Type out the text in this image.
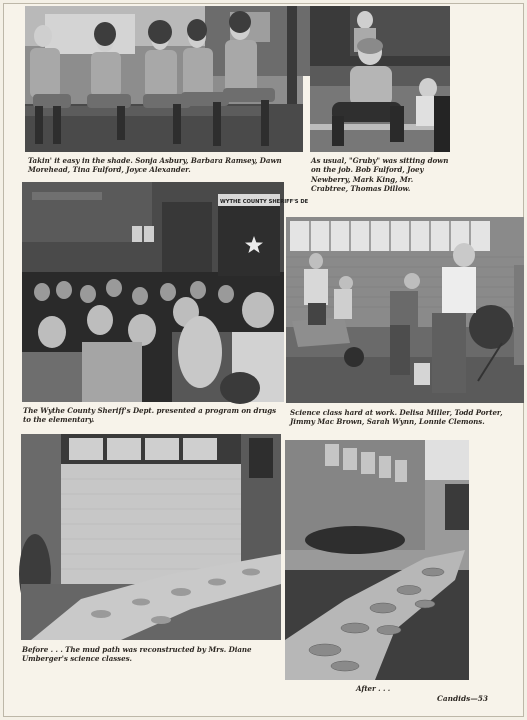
Takin' it easy in the shade. Sonja Asbury, Barbara Ramsey, Dawn Morehead, Tina Fulford, Joyce Alexander.
As usual, "Gruby" was sitting down on the job. Bob Fulford, Joey Newberry, Mark King, Mr. Crabtree, Thomas Dillow.
WYTHE COUNTY SHERIFF'S DE
The Wythe County Sheriff's Dept. presented a program on drugs to the elementary.
Science class hard at work. Delisa Miller, Todd Porter, Jimmy Mac Brown, Sarah Wynn, Lonnie Clemons.
Before . . . The mud path was reconstructed by Mrs. Diane Umberger's science classes.
After . . .
Candids—53
